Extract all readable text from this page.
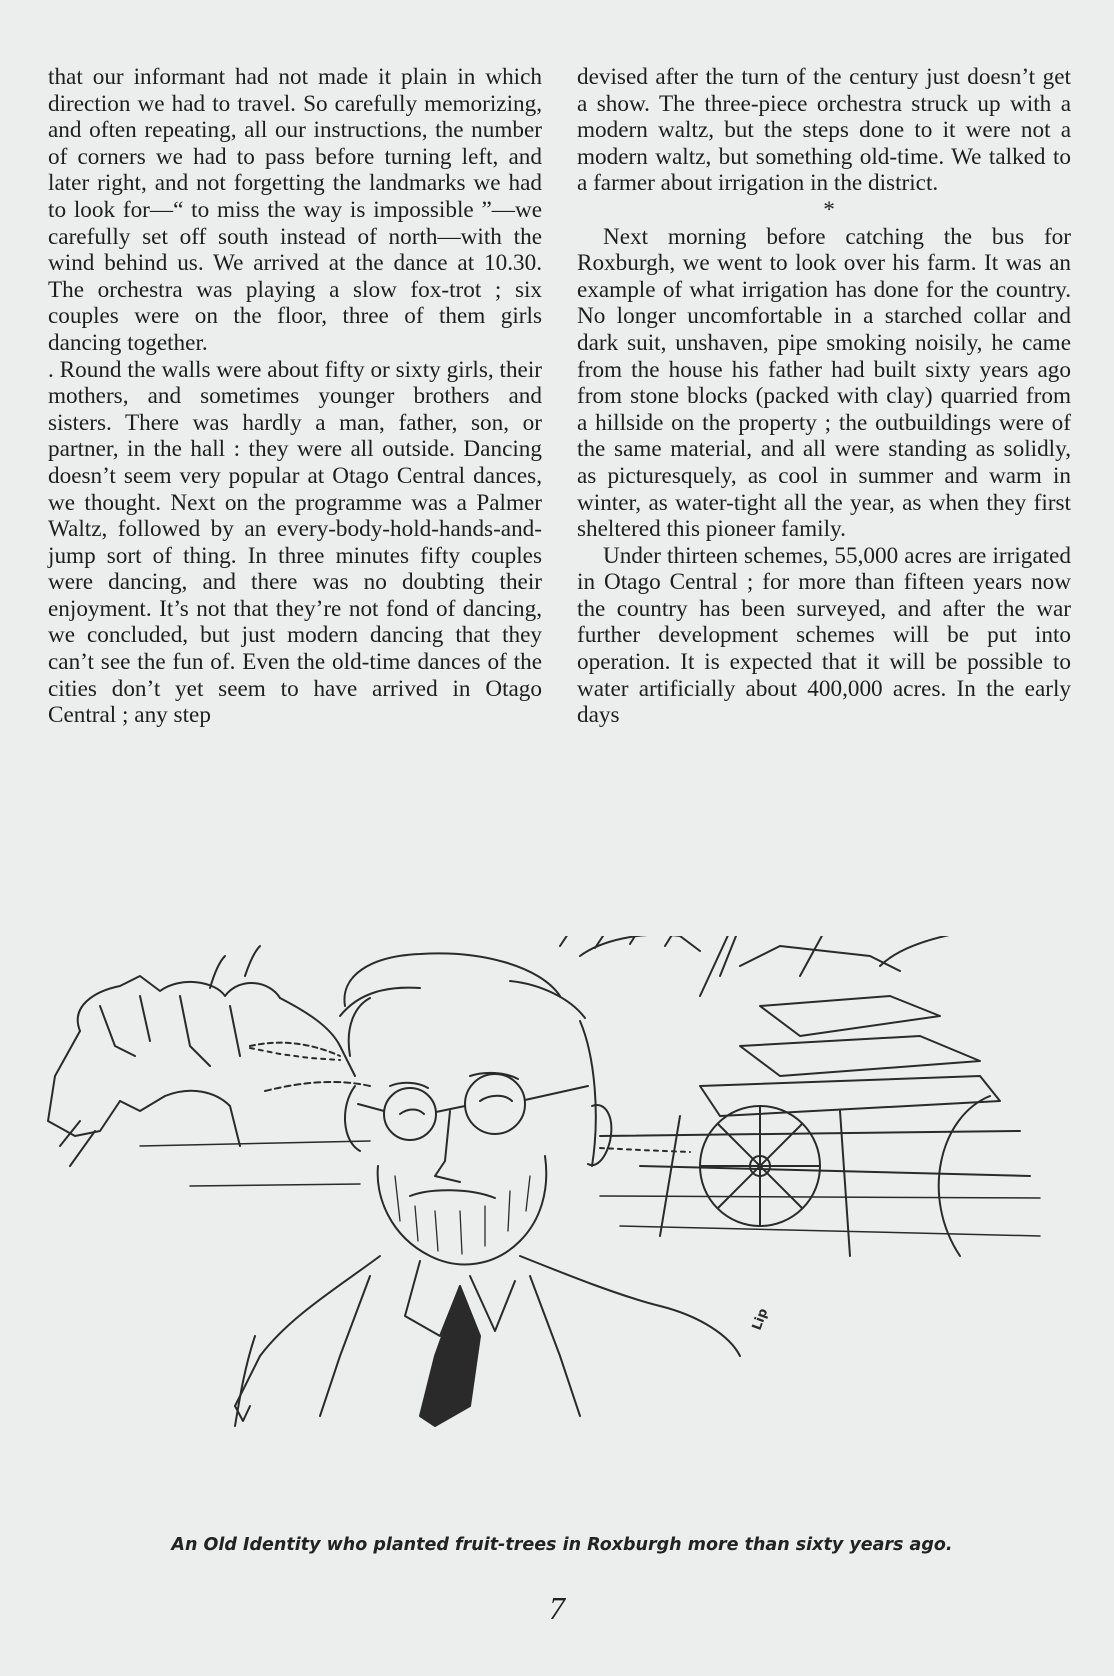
that our informant had not made it plain in which direction we had to travel. So carefully memorizing, and often repeating, all our instructions, the number of corners we had to pass before turning left, and later right, and not forgetting the landmarks we had to look for—“ to miss the way is impossible ”—we carefully set off south instead of north—with the wind behind us. We arrived at the dance at 10.30. The orchestra was playing a slow fox-trot ; six couples were on the floor, three of them girls dancing together.

. Round the walls were about fifty or sixty girls, their mothers, and sometimes younger brothers and sisters. There was hardly a man, father, son, or partner, in the hall : they were all outside. Dancing doesn’t seem very popular at Otago Central dances, we thought. Next on the programme was a Palmer Waltz, followed by an every-body-hold-hands-and-jump sort of thing. In three minutes fifty couples were dancing, and there was no doubting their enjoyment. It’s not that they’re not fond of dancing, we concluded, but just modern dancing that they can’t see the fun of. Even the old-time dances of the cities don’t yet seem to have arrived in Otago Central ; any step

devised after the turn of the century just doesn’t get a show. The three-piece orchestra struck up with a modern waltz, but the steps done to it were not a modern waltz, but something old-time. We talked to a farmer about irrigation in the district.

*

Next morning before catching the bus for Roxburgh, we went to look over his farm. It was an example of what irrigation has done for the country. No longer uncomfortable in a starched collar and dark suit, unshaven, pipe smoking noisily, he came from the house his father had built sixty years ago from stone blocks (packed with clay) quarried from a hillside on the property ; the outbuildings were of the same material, and all were standing as solidly, as picturesquely, as cool in summer and warm in winter, as water-tight all the year, as when they first sheltered this pioneer family.

Under thirteen schemes, 55,000 acres are irrigated in Otago Central ; for more than fifteen years now the country has been surveyed, and after the war further development schemes will be put into operation. It is expected that it will be possible to water artificially about 400,000 acres. In the early days

Lip
An Old Identity who planted fruit-trees in Roxburgh more than sixty years ago.
7
